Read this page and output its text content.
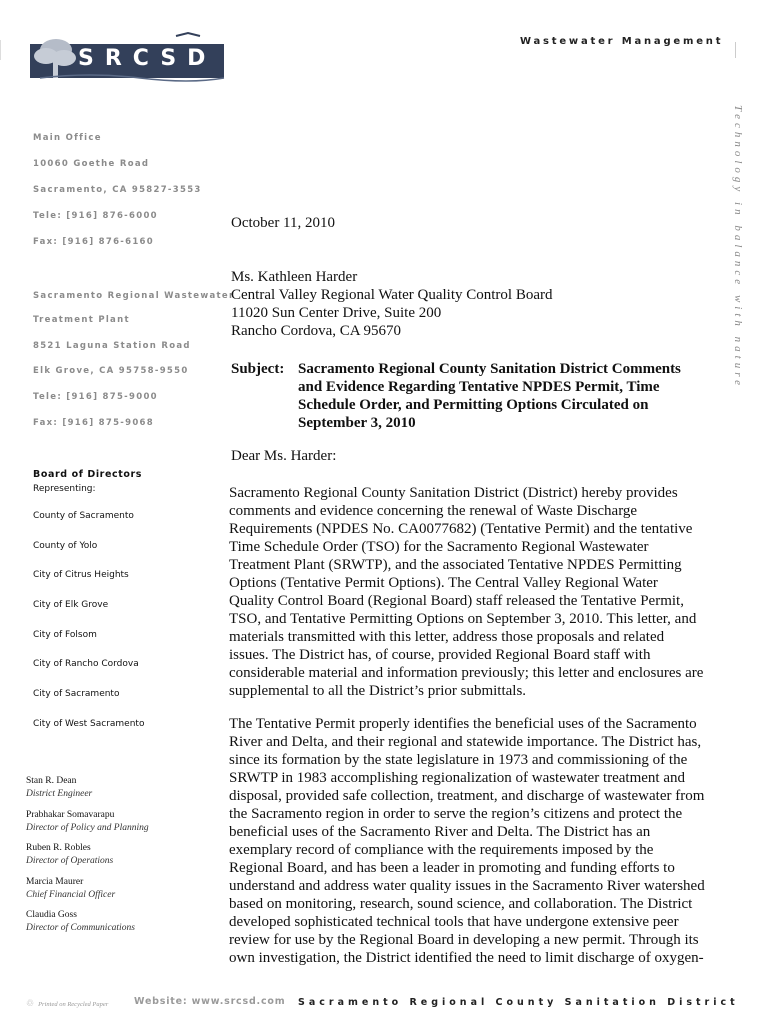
SRCSD
Wastewater Management
Main Office
10060 Goethe Road
Sacramento, CA 95827-3553
Tele: [916] 876-6000
Fax: [916] 876-6160
Sacramento Regional Wastewater
Treatment Plant
8521 Laguna Station Road
Elk Grove, CA 95758-9550
Tele: [916] 875-9000
Fax: [916] 875-9068
Board of Directors
Representing:
County of Sacramento
County of Yolo
City of Citrus Heights
City of Elk Grove
City of Folsom
City of Rancho Cordova
City of Sacramento
City of West Sacramento
Stan R. Dean
District Engineer
Prabhakar Somavarapu
Director of Policy and Planning
Ruben R. Robles
Director of Operations
Marcia Maurer
Chief Financial Officer
Claudia Goss
Director of Communications
Technology in balance with nature
October 11, 2010
Ms. Kathleen Harder
Central Valley Regional Water Quality Control Board
11020 Sun Center Drive, Suite 200
Rancho Cordova, CA 95670
Subject: Sacramento Regional County Sanitation District Comments
and Evidence Regarding Tentative NPDES Permit, Time
Schedule Order, and Permitting Options Circulated on
September 3, 2010
Dear Ms. Harder:
Sacramento Regional County Sanitation District (District) hereby provides
comments and evidence concerning the renewal of Waste Discharge
Requirements (NPDES No. CA0077682) (Tentative Permit) and the tentative
Time Schedule Order (TSO) for the Sacramento Regional Wastewater
Treatment Plant (SRWTP), and the associated Tentative NPDES Permitting
Options (Tentative Permit Options). The Central Valley Regional Water
Quality Control Board (Regional Board) staff released the Tentative Permit,
TSO, and Tentative Permitting Options on September 3, 2010. This letter, and
materials transmitted with this letter, address those proposals and related
issues. The District has, of course, provided Regional Board staff with
considerable material and information previously; this letter and enclosures are
supplemental to all the District’s prior submittals.
The Tentative Permit properly identifies the beneficial uses of the Sacramento
River and Delta, and their regional and statewide importance. The District has,
since its formation by the state legislature in 1973 and commissioning of the
SRWTP in 1983 accomplishing regionalization of wastewater treatment and
disposal, provided safe collection, treatment, and discharge of wastewater from
the Sacramento region in order to serve the region’s citizens and protect the
beneficial uses of the Sacramento River and Delta. The District has an
exemplary record of compliance with the requirements imposed by the
Regional Board, and has been a leader in promoting and funding efforts to
understand and address water quality issues in the Sacramento River watershed
based on monitoring, research, sound science, and collaboration. The District
developed sophisticated technical tools that have undergone extensive peer
review for use by the Regional Board in developing a new permit. Through its
own investigation, the District identified the need to limit discharge of oxygen-
♲ Printed on Recycled Paper	Website: www.srcsd.com Sacramento Regional County Sanitation District
